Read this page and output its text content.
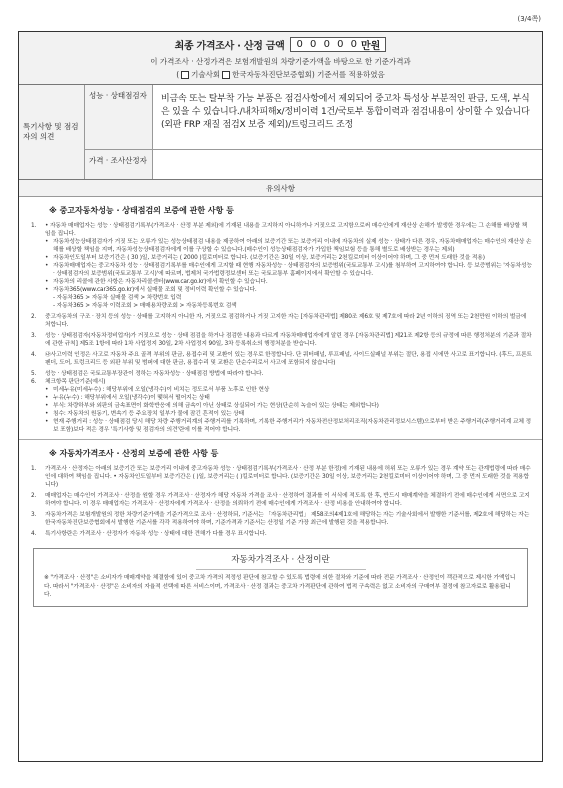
(3/4쪽)
최종 가격조사 · 산정 금액 0 0 0 0 0 만원
이 가격조사 · 산정가격은 보험개발원의 차량기준가액을 바탕으로 한 기준가격과
( 기술사회 한국자동차진단보증협회) 기준서를 적용하였음
특기사항 및 점검자의 의견
성능 · 상태점검자	비금속 또는 탈부착 가능 부품은 점검사항에서 제외되어 중고차 특성상 부분적인 판금, 도색, 부식은 있을 수 있습니다./내차피해x/정비이력 1건/국토부 통합이력과 점검내용이 상이할 수 있습니다(외판 FRP 재질 점검X 보증 제외)/트렁크리드 조정
가격 · 조사산정자
유의사항
※ 중고자동차성능 · 상태점검의 보증에 관한 사항 등
1.	• 자동차 매매업자는 성능 · 상태점검기록부(가격조사 · 산정 부분 제외)에 기재된 내용을 고지하지 아니하거나 거짓으로 고지함으로써 매수인에게 재산상 손해가 발생한 경우에는 그 손해를 배상할 책임을 집니다.
• 자동차성능상태점검자가 거짓 또는 오류가 있는 성능상태점검 내용을 제공하여 아래의 보증기간 또는 보증거리 이내에 자동차의 실제 성능 · 상태가 다른 경우, 자동차매매업자는 매수인의 재산상 손해를 배상할 책임을 지며, 자동차성능상태점검자에게 이를 구상할 수 있습니다.(매수인이 성능상태점검자가 가입한 책임보험 등을 통해 별도로 배상받는 경우는 제외)
• 자동차인도일부터 보증기간은 ( 30 )일, 보증거리는 ( 2000 )킬로미터로 합니다. (보증기간은 30일 이상, 보증거리는 2천킬로미터 이상이어야 하며, 그 중 먼저 도래한 것을 적용)
• 자동차매매업자는 중고자동차 성능 · 상태점검기록부를 매수인에게 고지할 때 현행 자동차성능 · 상태점검자의 보증범위(국토교통부 고시)를 첨부하여 고지하여야 합니다. 등 보증범위는 '자동차성능 · 상태점검자의 보증범위(국토교통부 고시)'에 따르며, 법제처 국가법령정보센터 또는 국토교통부 홈페이지에서 확인할 수 있습니다.
• 자동차의 리콜에 관한 사항은 자동차리콜센터(www.car.go.kr)에서 확인할 수 있습니다.
• 자동차365(www.car365.go.kr)에서 실매물 조회 및 정비이력 확인할 수 있습니다.
- 자동차365 > 자동차 실매물 검색 > 차량번호 입력
- 자동차365 > 자동차 이력조회 > 매매용차량조회 > 자동차등록번호 검색
2.	중고자동차의 구조 · 장치 등의 성능 · 상태를 고지하지 아니한 자, 거짓으로 점검하거나 거짓 고지한 자는 [자동차관리법] 제80조 제6호 및 제7호에 따라 2년 이하의 징역 또는 2천만원 이하의 벌금에 처합니다.
3.	성능 · 상태점검자(자동차정비업자)가 거짓으로 성능 · 상태 점검을 하거나 점검한 내용과 다르게 자동차매매업자에게 알린 경우 [자동차관리법] 제21조 제2항 등의 규정에 따른 행정처분의 기준과 절차에 관한 규칙] 제5조 1항에 따라 1차 사업정지 30일, 2차 사업정지 90일, 3차 등록취소의 행정처분을 받습니다.
4.	㉯사고이력 인정은 사고로 자동차 주요 골격 부위의 판금, 용접수리 및 교환이 있는 경우로 한정합니다. 단 쿼터패널, 루프패널, 사이드실패널 부위는 절단, 용접 시에만 사고로 표기합니다. (후드, 프론트펜더, 도어, 트렁크리드 등 외판 부위 및 범퍼에 대한 판금, 용접수리 및 교환은 단순수리로서 사고에 포함되지 않습니다)
5.	성능 · 상태점검은 국토교통부장관이 정하는 자동차성능 · 상태점검 방법에 따라야 합니다.
6.	체크항목 판단기준(예시)
• 미세누유(미세누수) : 해당부위에 오일(냉각수)이 비치는 정도로서 부품 노후로 인한 현상
• 누유(누수) : 해당부위에서 오일(냉각수)이 맺혀서 떨어지는 상태
• 부식: 차량하부와 외판의 금속표면이 화학반응에 의해 금속이 아닌 상태로 상실되어 가는 현상(단순히 녹슬어 있는 상태는 제외합니다)
• 침수: 자동차의 원동기, 변속기 등 주요장치 일부가 물에 잠긴 흔적이 있는 상태
• 현재 주행거리 : 성능 · 상태점검 당시 해당 차량 주행거리계의 주행거리를 기록하며, 기록한 주행거리가 자동차전산정보처리조직(자동차관리정보시스템)으로부터 받은 주행거리(주행거리계 교체 정보 포함)보다 적은 경우 '특기사항 및 점검자의 의견'란에 이를 적어야 합니다.
※ 자동차가격조사 · 산정의 보증에 관한 사항 등
1.	가격조사 · 산정자는 아래의 보증기간 또는 보증거리 이내에 중고자동차 성능 · 상태점검기록부(가격조사 · 산정 부분 한정)에 기재된 내용에 허위 또는 오류가 있는 경우 계약 또는 관계법령에 따라 매수인에 대하여 책임을 집니다. • 자동차인도일부터 보증기간은 ( )일, 보증거리는 ( )킬로미터로 합니다. (보증기간은 30일 이상, 보증거리는 2천킬로미터 이상이어야 하며, 그 중 먼저 도래한 것을 적용합니다)
2.	매매업자는 매수인이 가격조사 · 산정을 원할 경우 가격조사 · 산정자가 해당 자동차 가격을 조사 · 산정하여 결과를 이 서식에 적도록 한 후, 반드시 매매계약을 체결하기 전에 매수인에게 서면으로 고지하여야 합니다. 이 경우 매매업자는 가격조사 · 산정자에게 가격조사 · 산정을 의뢰하기 전에 매수인에게 가격조사 · 산정 비용을 안내하여야 합니다.
3.	자동차가격은 보험개발원의 정한 차량기준가액을 기준가격으로 조사 · 산정하되, 기준서는 「자동차관리법」 제58조의4제1호에 해당하는 자는 기술사회에서 발행한 기준서를, 제2호에 해당하는 자는 한국자동차진단보증협회에서 발행한 기준서를 각각 적용하여야 하며, 기준가격과 기준서는 산정일 기준 가장 최근에 발행된 것을 적용합니다.
4.	특기사항란은 가격조사 · 산정자가 자동차 성능 · 상태에 대한 견해가 다를 경우 표시합니다.
자동차가격조사 · 산정이란
※ "가격조사 · 산정"은 소비자가 매매계약을 체결함에 있어 중고차 가격의 적정성 판단에 참고할 수 있도록 법령에 의한 절차와 기준에 따라 전문 가격조사 · 산정인이 객관적으로 제시한 가액입니다. 따라서 "가격조사 · 산정"은 소비자의 자율적 선택에 따른 서비스이며, 가격조사 · 산정 결과는 중고차 가격판단에 관하여 법적 구속력은 없고 소비자의 구매여부 결정에 참고자료로 활용됩니다.
